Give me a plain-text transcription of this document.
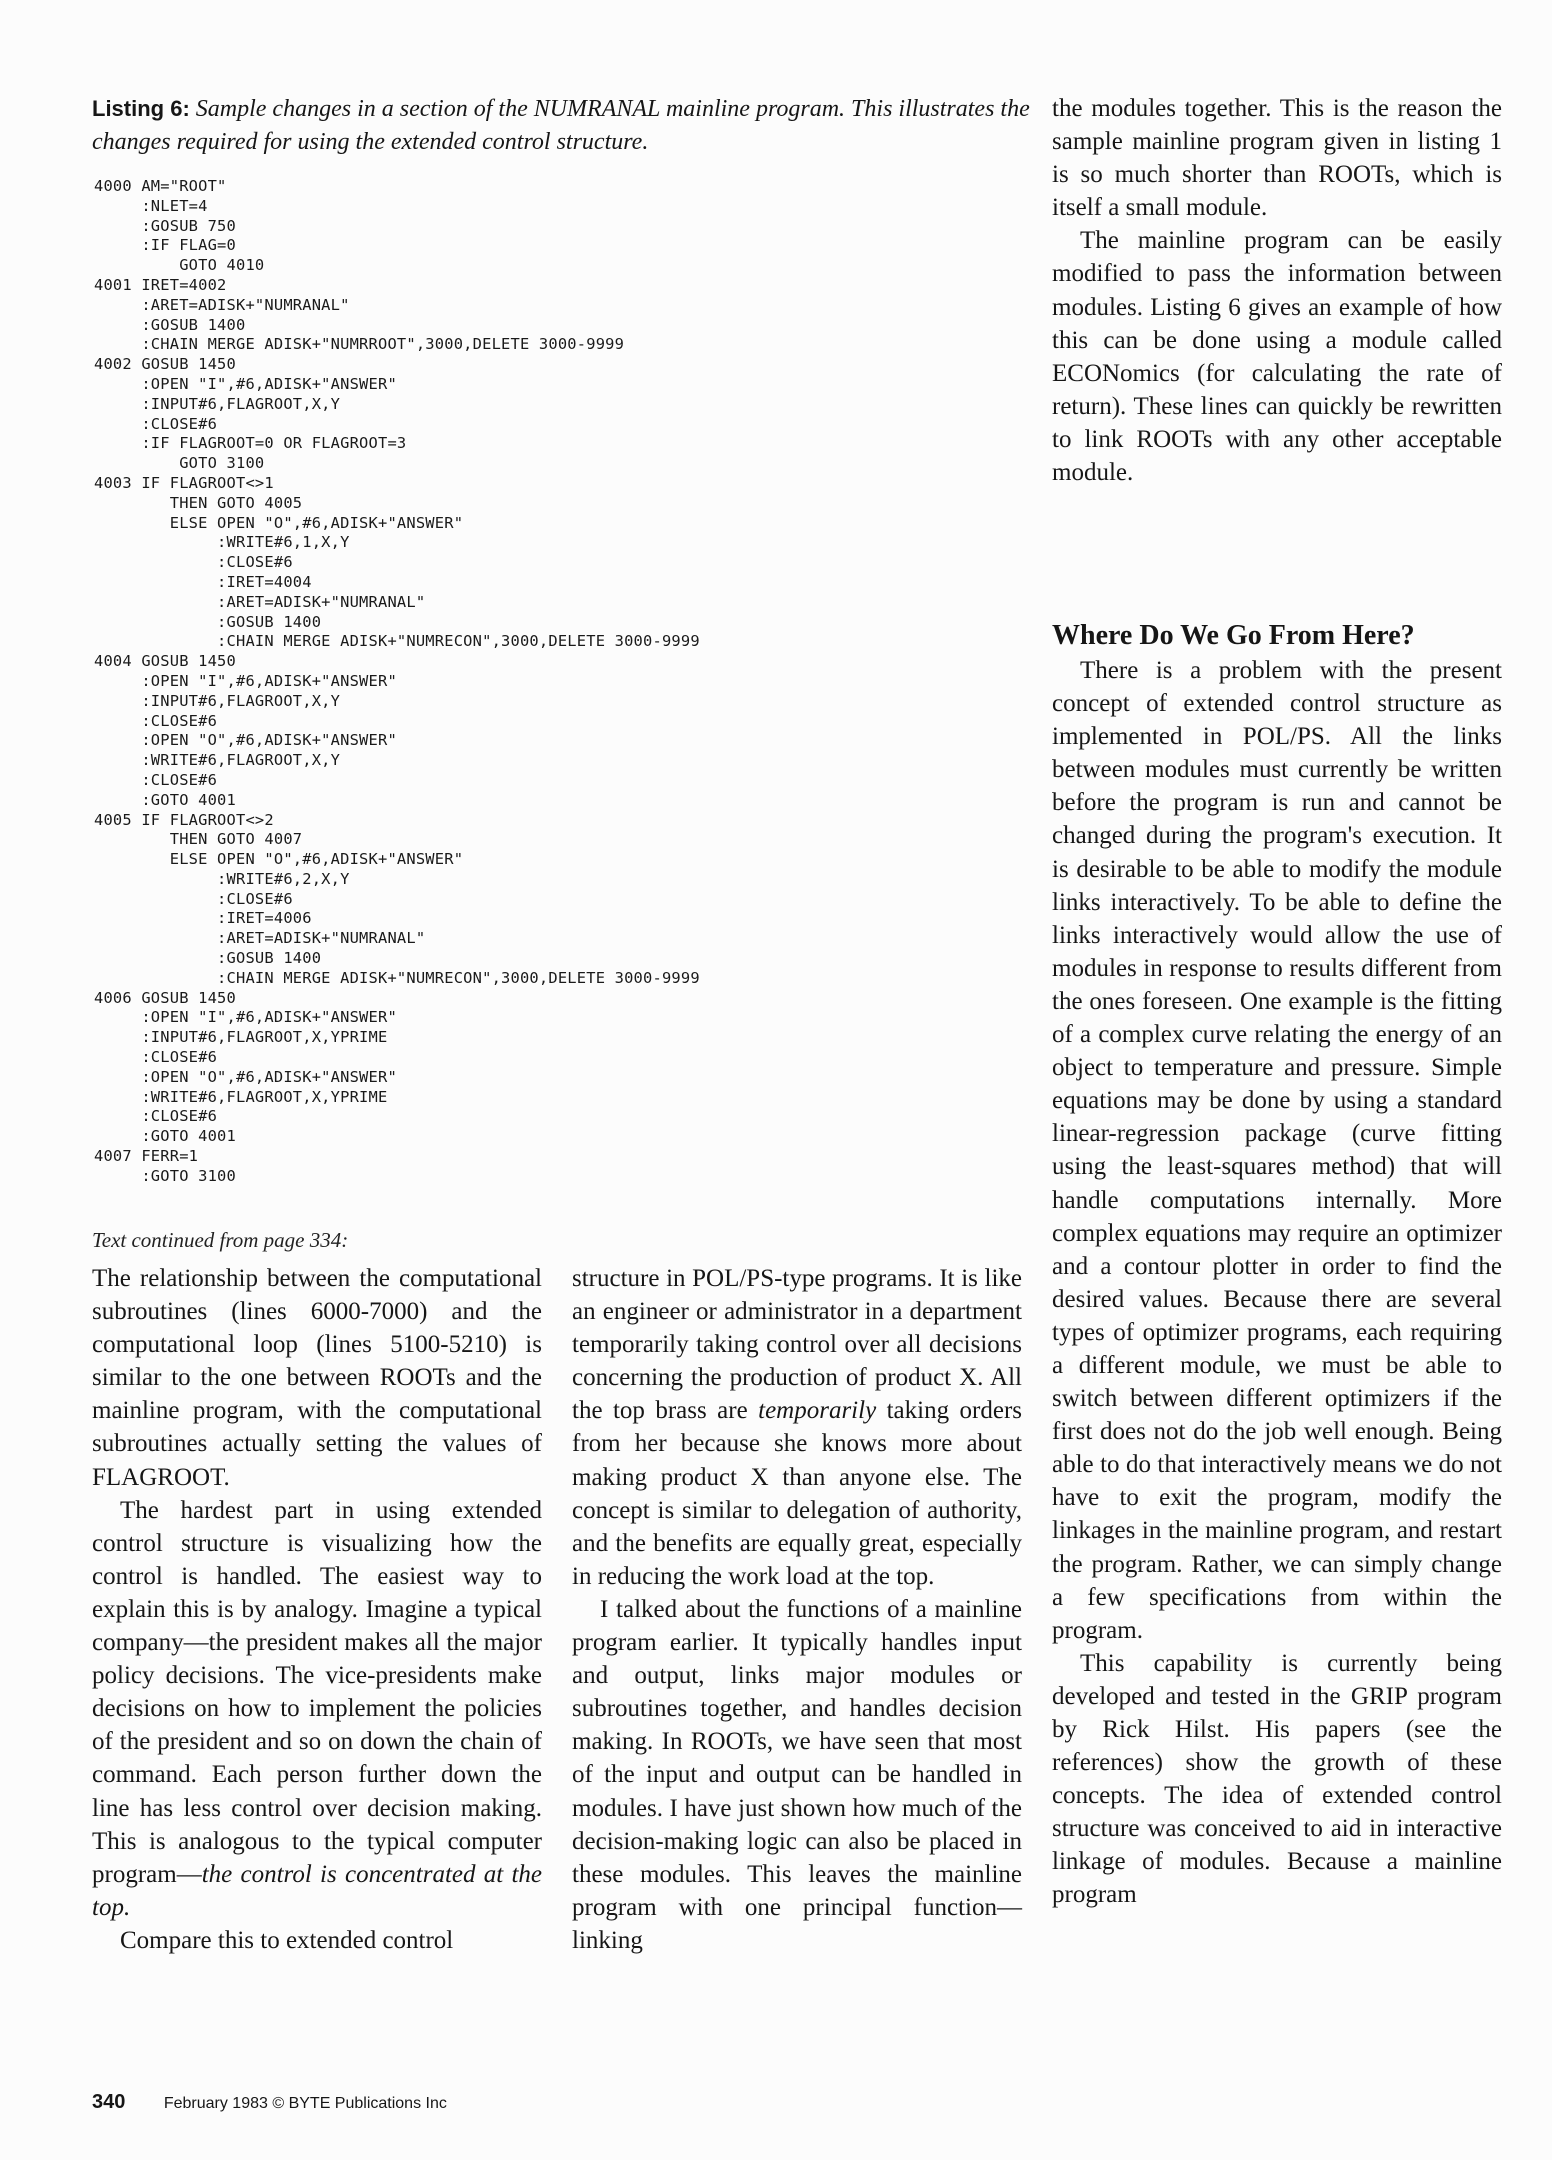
Listing 6: Sample changes in a section of the NUMRANAL mainline program. This illustrates the changes required for using the extended control structure.
4000 AM="ROOT"
:NLET=4
:GOSUB 750
:IF FLAG=0
GOTO 4010
4001 IRET=4002
:ARET=ADISK+"NUMRANAL"
:GOSUB 1400
:CHAIN MERGE ADISK+"NUMRROOT",3000,DELETE 3000-9999
4002 GOSUB 1450
:OPEN "I",#6,ADISK+"ANSWER"
:INPUT#6,FLAGROOT,X,Y
:CLOSE#6
:IF FLAGROOT=0 OR FLAGROOT=3
GOTO 3100
4003 IF FLAGROOT<>1
THEN GOTO 4005
ELSE OPEN "O",#6,ADISK+"ANSWER"
:WRITE#6,1,X,Y
:CLOSE#6
:IRET=4004
:ARET=ADISK+"NUMRANAL"
:GOSUB 1400
:CHAIN MERGE ADISK+"NUMRECON",3000,DELETE 3000-9999
4004 GOSUB 1450
:OPEN "I",#6,ADISK+"ANSWER"
:INPUT#6,FLAGROOT,X,Y
:CLOSE#6
:OPEN "O",#6,ADISK+"ANSWER"
:WRITE#6,FLAGROOT,X,Y
:CLOSE#6
:GOTO 4001
4005 IF FLAGROOT<>2
THEN GOTO 4007
ELSE OPEN "O",#6,ADISK+"ANSWER"
:WRITE#6,2,X,Y
:CLOSE#6
:IRET=4006
:ARET=ADISK+"NUMRANAL"
:GOSUB 1400
:CHAIN MERGE ADISK+"NUMRECON",3000,DELETE 3000-9999
4006 GOSUB 1450
:OPEN "I",#6,ADISK+"ANSWER"
:INPUT#6,FLAGROOT,X,YPRIME
:CLOSE#6
:OPEN "O",#6,ADISK+"ANSWER"
:WRITE#6,FLAGROOT,X,YPRIME
:CLOSE#6
:GOTO 4001
4007 FERR=1
:GOTO 3100
Text continued from page 334:

The relationship between the computational subroutines (lines 6000-7000) and the computational loop (lines 5100-5210) is similar to the one between ROOTs and the mainline program, with the computational subroutines actually setting the values of FLAGROOT.

The hardest part in using extended control structure is visualizing how the control is handled. The easiest way to explain this is by analogy. Imagine a typical company—the president makes all the major policy decisions. The vice-presidents make decisions on how to implement the policies of the president and so on down the chain of command. Each person further down the line has less control over decision making. This is analogous to the typical computer program—the control is concentrated at the top.

Compare this to extended control

structure in POL/PS-type programs. It is like an engineer or administrator in a department temporarily taking control over all decisions concerning the production of product X. All the top brass are temporarily taking orders from her because she knows more about making product X than anyone else. The concept is similar to delegation of authority, and the benefits are equally great, especially in reducing the work load at the top.

I talked about the functions of a mainline program earlier. It typically handles input and output, links major modules or subroutines together, and handles decision making. In ROOTs, we have seen that most of the input and output can be handled in modules. I have just shown how much of the decision-making logic can also be placed in these modules. This leaves the mainline program with one principal function—linking

the modules together. This is the reason the sample mainline program given in listing 1 is so much shorter than ROOTs, which is itself a small module.

The mainline program can be easily modified to pass the information between modules. Listing 6 gives an example of how this can be done using a module called ECONomics (for calculating the rate of return). These lines can quickly be rewritten to link ROOTs with any other acceptable module.

Where Do We Go From Here?

There is a problem with the present concept of extended control structure as implemented in POL/PS. All the links between modules must currently be written before the program is run and cannot be changed during the program's execution. It is desirable to be able to modify the module links interactively. To be able to define the links interactively would allow the use of modules in response to results different from the ones foreseen. One example is the fitting of a complex curve relating the energy of an object to temperature and pressure. Simple equations may be done by using a standard linear-regression package (curve fitting using the least-squares method) that will handle computations internally. More complex equations may require an optimizer and a contour plotter in order to find the desired values. Because there are several types of optimizer programs, each requiring a different module, we must be able to switch between different optimizers if the first does not do the job well enough. Being able to do that interactively means we do not have to exit the program, modify the linkages in the mainline program, and restart the program. Rather, we can simply change a few specifications from within the program.

This capability is currently being developed and tested in the GRIP program by Rick Hilst. His papers (see the references) show the growth of these concepts. The idea of extended control structure was conceived to aid in interactive linkage of modules. Because a mainline program

340 February 1983 © BYTE Publications Inc
